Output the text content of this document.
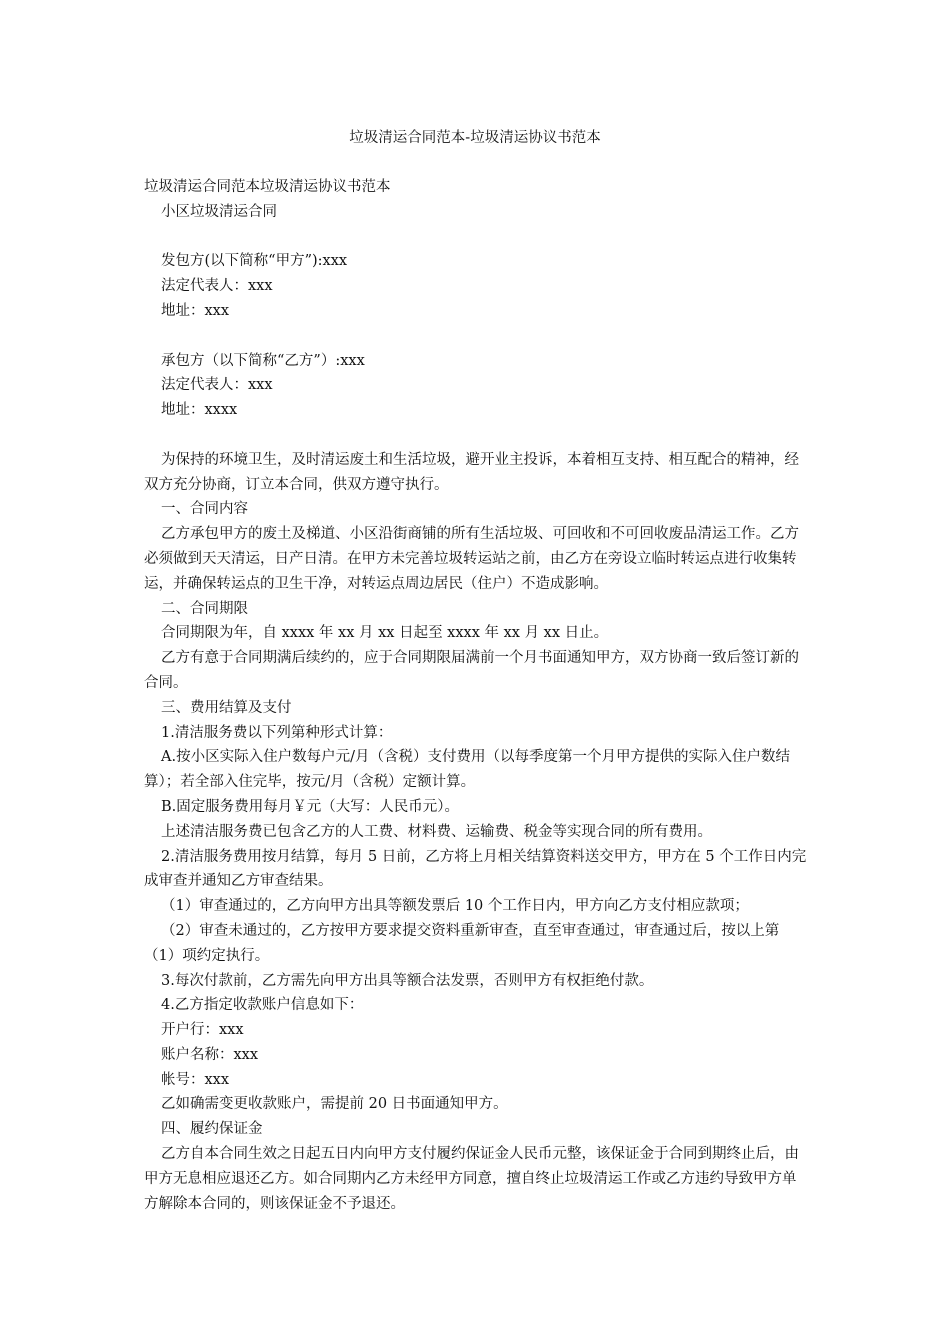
垃圾清运合同范本-垃圾清运协议书范本

垃圾清运合同范本垃圾清运协议书范本

小区垃圾清运合同

发包方(以下简称“甲方”):xxx

法定代表人：xxx

地址：xxx

承包方（以下简称“乙方”）:xxx

法定代表人：xxx

地址：xxxx

为保持的环境卫生，及时清运废土和生活垃圾，避开业主投诉，本着相互支持、相互配合的精神，经双方充分协商，订立本合同，供双方遵守执行。

一、合同内容

乙方承包甲方的废土及梯道、小区沿街商铺的所有生活垃圾、可回收和不可回收废品清运工作。乙方必须做到天天清运，日产日清。在甲方未完善垃圾转运站之前，由乙方在旁设立临时转运点进行收集转运，并确保转运点的卫生干净，对转运点周边居民（住户）不造成影响。

二、合同期限

合同期限为年，自 xxxx 年 xx 月 xx 日起至 xxxx 年 xx 月 xx 日止。

乙方有意于合同期满后续约的，应于合同期限届满前一个月书面通知甲方，双方协商一致后签订新的合同。

三、费用结算及支付

1.清洁服务费以下列第种形式计算：

A.按小区实际入住户数每户元/月（含税）支付费用（以每季度第一个月甲方提供的实际入住户数结算）；若全部入住完毕，按元/月（含税）定额计算。

B.固定服务费用每月￥元（大写：人民币元）。

上述清洁服务费已包含乙方的人工费、材料费、运输费、税金等实现合同的所有费用。

2.清洁服务费用按月结算，每月 5 日前，乙方将上月相关结算资料送交甲方，甲方在 5 个工作日内完成审查并通知乙方审查结果。

（1）审查通过的，乙方向甲方出具等额发票后 10 个工作日内，甲方向乙方支付相应款项；

（2）审查未通过的，乙方按甲方要求提交资料重新审查，直至审查通过，审查通过后，按以上第（1）项约定执行。

3.每次付款前，乙方需先向甲方出具等额合法发票，否则甲方有权拒绝付款。

4.乙方指定收款账户信息如下：

开户行：xxx

账户名称：xxx

帐号：xxx

乙如确需变更收款账户，需提前 20 日书面通知甲方。

四、履约保证金

乙方自本合同生效之日起五日内向甲方支付履约保证金人民币元整，该保证金于合同到期终止后，由甲方无息相应退还乙方。如合同期内乙方未经甲方同意，擅自终止垃圾清运工作或乙方违约导致甲方单方解除本合同的，则该保证金不予退还。
